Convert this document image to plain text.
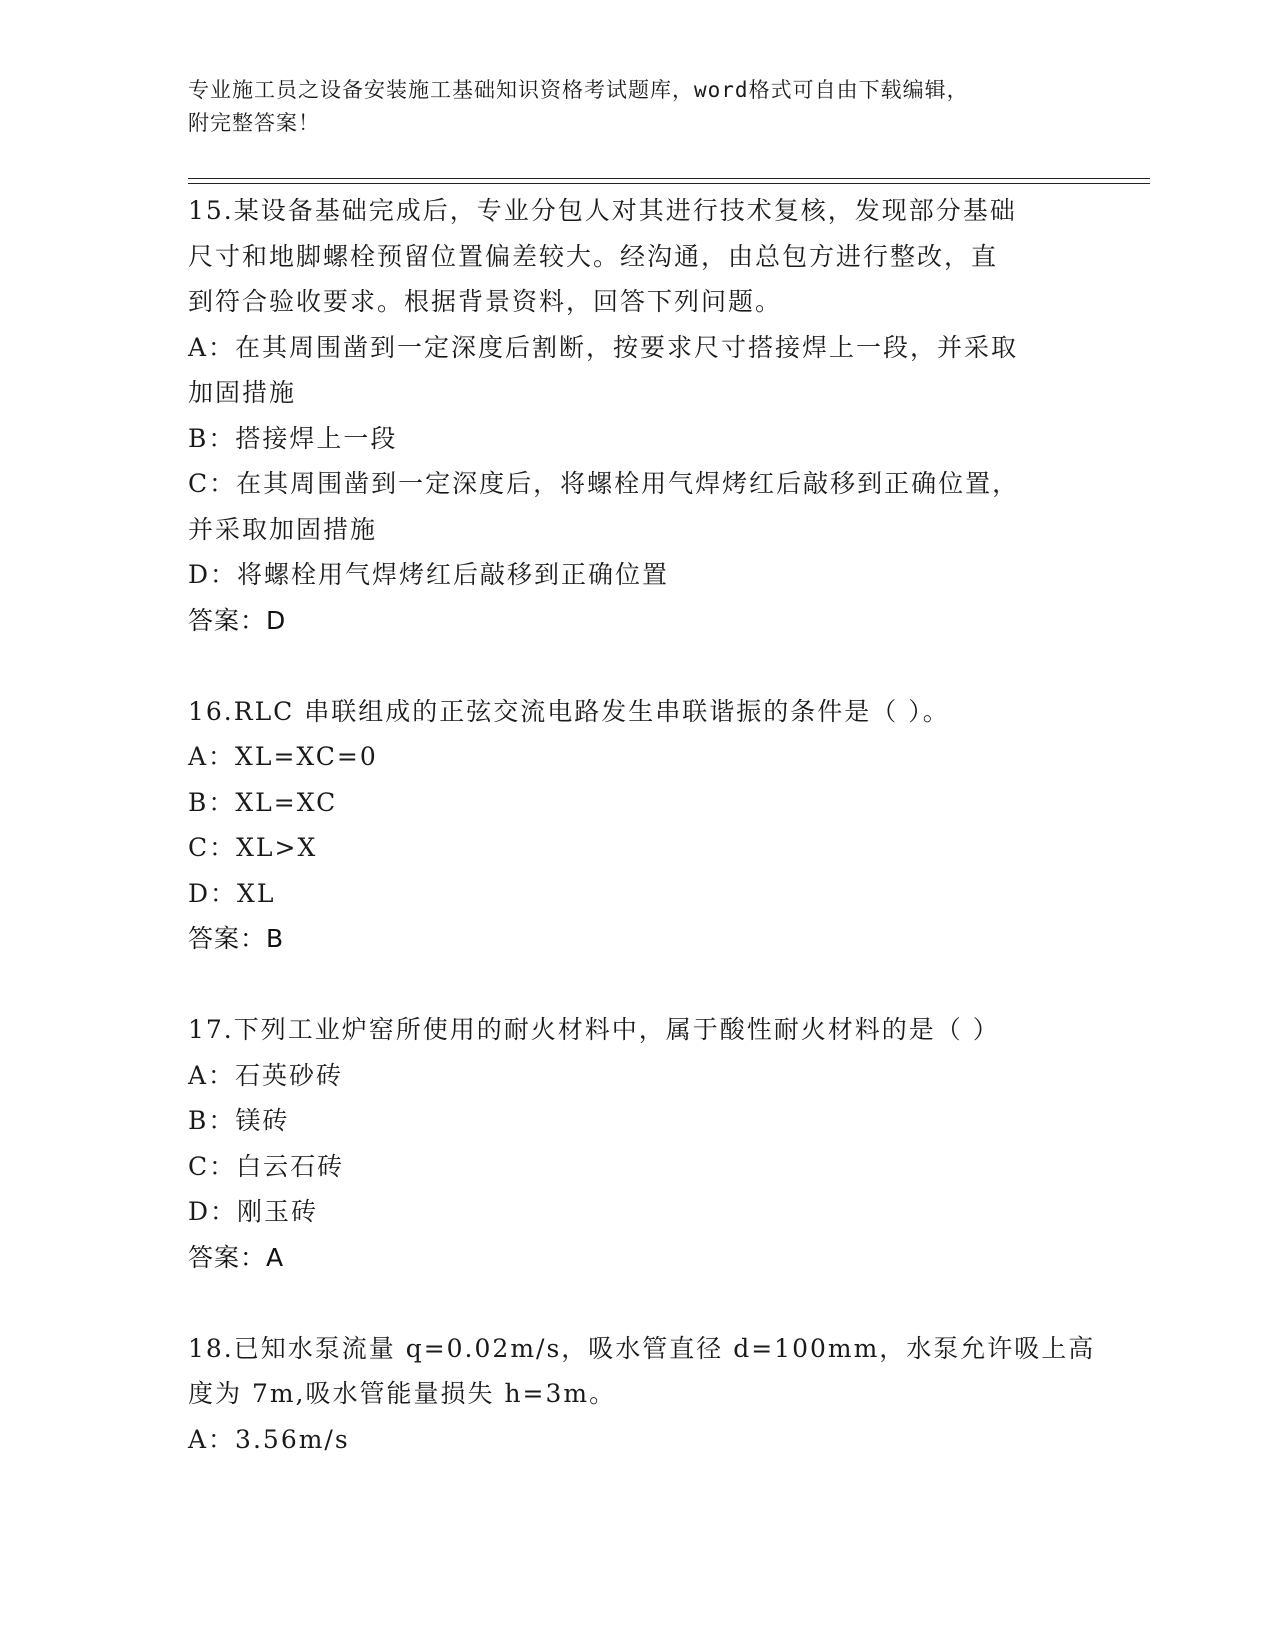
专业施工员之设备安装施工基础知识资格考试题库，word格式可自由下载编辑，
附完整答案！
15.某设备基础完成后，专业分包人对其进行技术复核，发现部分基础
尺寸和地脚螺栓预留位置偏差较大。经沟通，由总包方进行整改，直
到符合验收要求。根据背景资料，回答下列问题。
A：在其周围凿到一定深度后割断，按要求尺寸搭接焊上一段，并采取
加固措施
B：搭接焊上一段
C：在其周围凿到一定深度后，将螺栓用气焊烤红后敲移到正确位置，
并采取加固措施
D：将螺栓用气焊烤红后敲移到正确位置
答案：D
16.RLC 串联组成的正弦交流电路发生串联谐振的条件是（ ）。
A：XL=XC=0
B：XL=XC
C：XL>X
D：XL
答案：B
17.下列工业炉窑所使用的耐火材料中，属于酸性耐火材料的是（ ）
A：石英砂砖
B：镁砖
C：白云石砖
D：刚玉砖
答案：A
18.已知水泵流量 q=0.02m/s，吸水管直径 d=100mm，水泵允许吸上高
度为 7m,吸水管能量损失 h=3m。
A：3.56m/s
